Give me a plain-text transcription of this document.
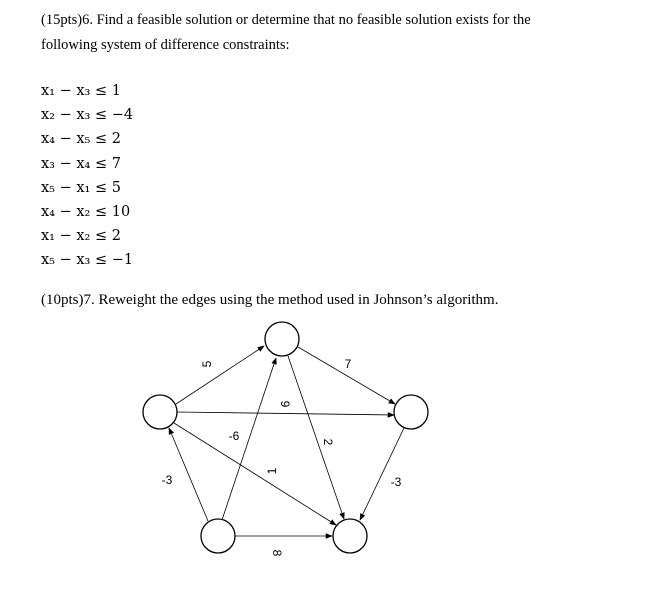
(15pts)6. Find a feasible solution or determine that no feasible solution exists for the
following system of difference constraints:

x₁ − x₃ ≤ 1
x₂ − x₃ ≤ −4
x₄ − x₅ ≤ 2
x₃ − x₄ ≤ 7
x₅ − x₁ ≤ 5
x₄ − x₂ ≤ 10
x₁ − x₂ ≤ 2
x₅ − x₃ ≤ −1

(10pts)7. Reweight the edges using the method used in Johnson’s algorithm.

5	7
9
-6	2
-3
1
-3
8
